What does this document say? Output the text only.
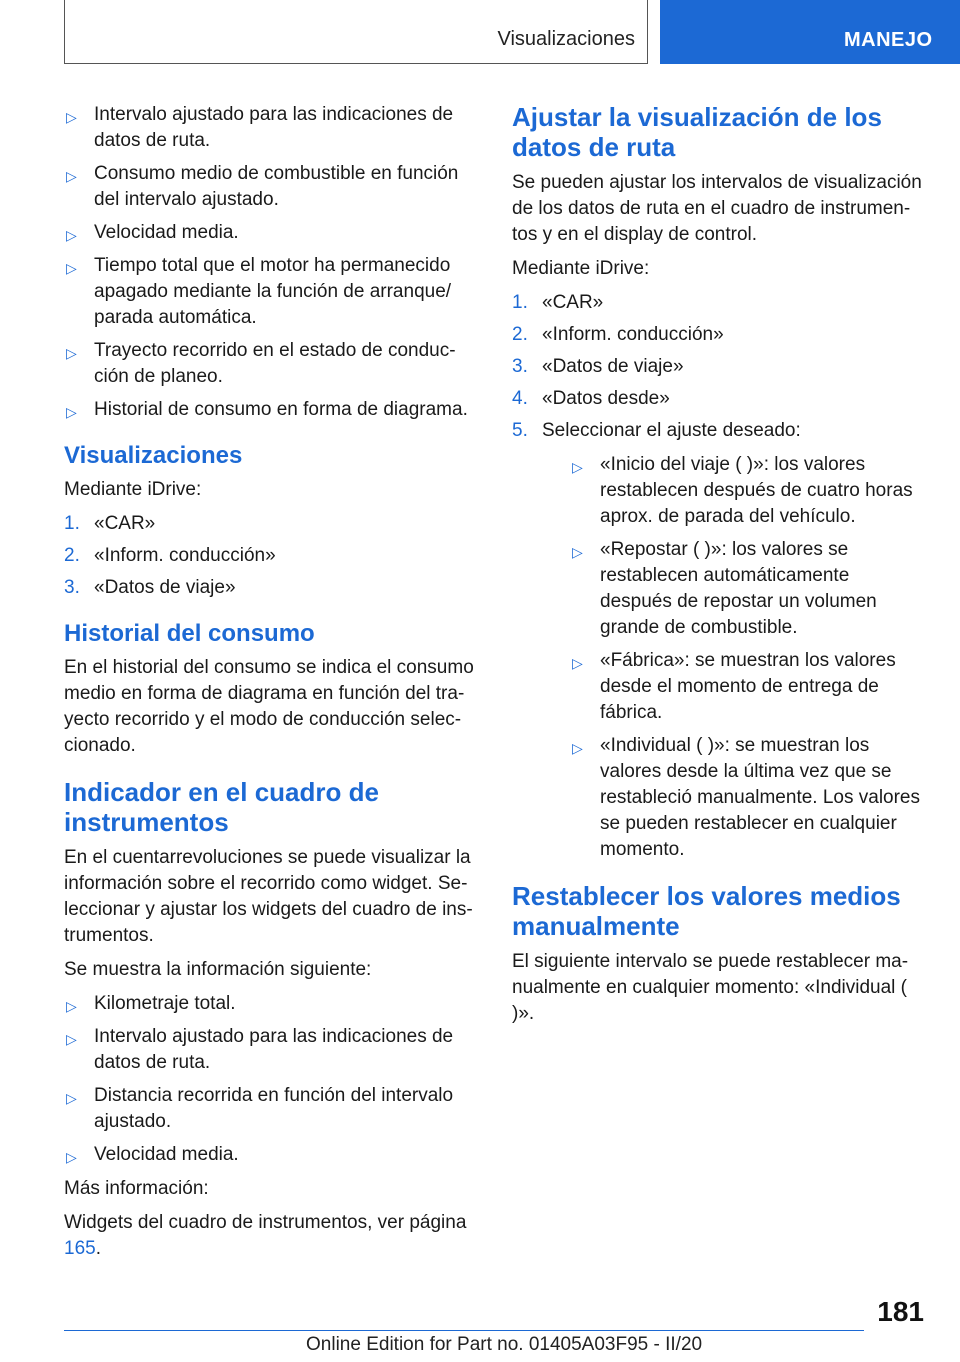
Visualizaciones	MANEJO
▷ Intervalo ajustado para las indicaciones de datos de ruta.
▷ Consumo medio de combustible en función del intervalo ajustado.
▷ Velocidad media.
▷ Tiempo total que el motor ha permanecido apagado mediante la función de arranque/ parada automática.
▷ Trayecto recorrido en el estado de conducción de planeo.
▷ Historial de consumo en forma de diagrama.
Visualizaciones

Mediante iDrive:

1. «CAR»
2. «Inform. conducción»
3. «Datos de viaje»
Historial del consumo

En el historial del consumo se indica el consumo medio en forma de diagrama en función del trayecto recorrido y el modo de conducción seleccionado.

Indicador en el cuadro de instrumentos

En el cuentarrevoluciones se puede visualizar la información sobre el recorrido como widget. Seleccionar y ajustar los widgets del cuadro de instrumentos.

Se muestra la información siguiente:

▷ Kilometraje total.
▷ Intervalo ajustado para las indicaciones de datos de ruta.
▷ Distancia recorrida en función del intervalo ajustado.
▷ Velocidad media.

Más información:

Widgets del cuadro de instrumentos, ver página 165.

Ajustar la visualización de los datos de ruta

Se pueden ajustar los intervalos de visualización de los datos de ruta en el cuadro de instrumentos y en el display de control.

Mediante iDrive:

1. «CAR»
2. «Inform. conducción»
3. «Datos de viaje»
4. «Datos desde»
5. Seleccionar el ajuste deseado:
▷ «Inicio del viaje ( )»: los valores restablecen después de cuatro horas aprox. de parada del vehículo.
▷ «Repostar ( )»: los valores se restablecen automáticamente después de repostar un volumen grande de combustible.
▷ «Fábrica»: se muestran los valores desde el momento de entrega de fábrica.
▷ «Individual ( )»: se muestran los valores desde la última vez que se restableció manualmente. Los valores se pueden restablecer en cualquier momento.
Restablecer los valores medios manualmente

El siguiente intervalo se puede restablecer manualmente en cualquier momento: «Individual ( )».

181
Online Edition for Part no. 01405A03F95 - II/20
